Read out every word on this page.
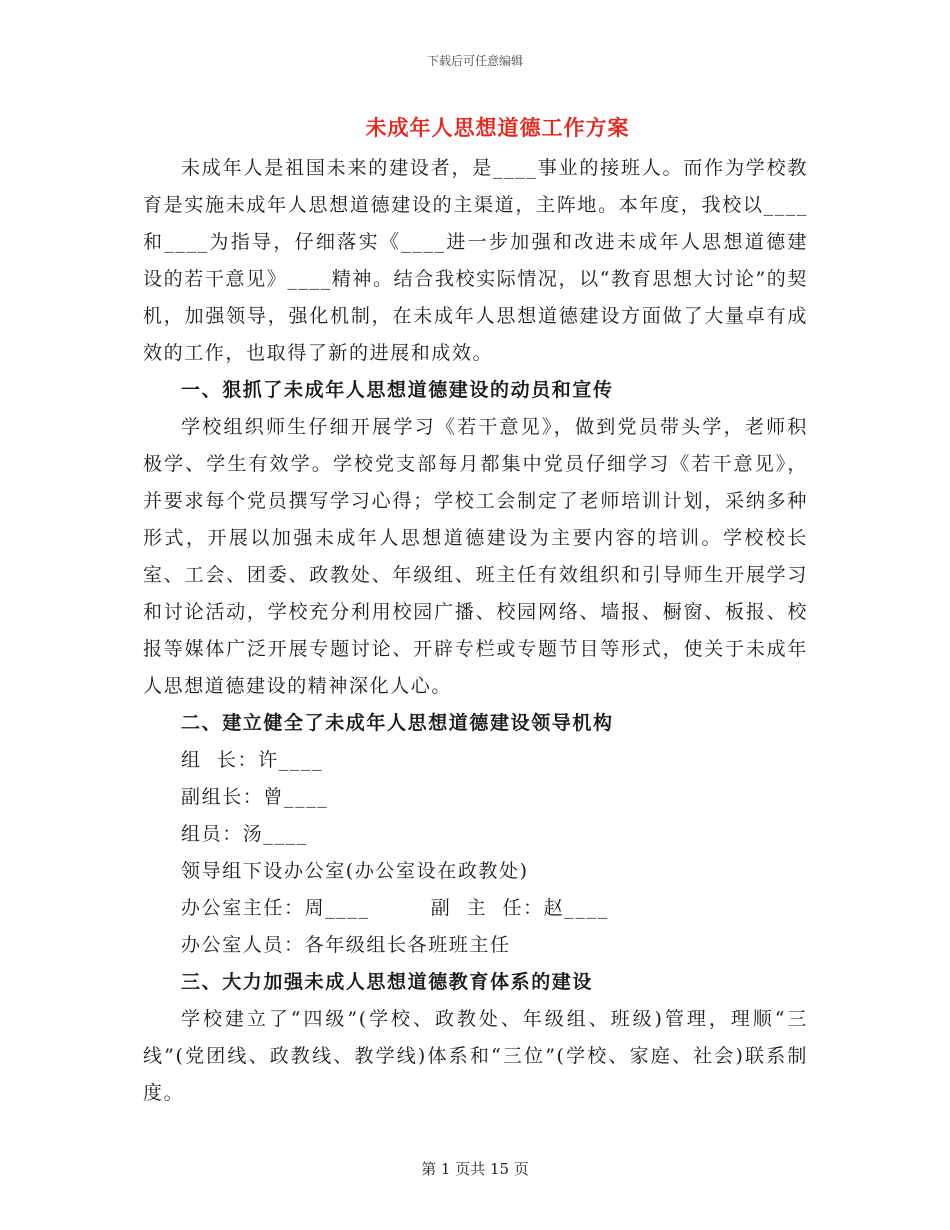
下载后可任意编辑
未成年人思想道德工作方案

未成年人是祖国未来的建设者，是____事业的接班人。而作为学校教育是实施未成年人思想道德建设的主渠道，主阵地。本年度，我校以____和____为指导，仔细落实《____进一步加强和改进未成年人思想道德建设的若干意见》____精神。结合我校实际情况，以“教育思想大讨论”的契机，加强领导，强化机制，在未成年人思想道德建设方面做了大量卓有成效的工作，也取得了新的进展和成效。

一、狠抓了未成年人思想道德建设的动员和宣传

学校组织师生仔细开展学习《若干意见》，做到党员带头学，老师积极学、学生有效学。学校党支部每月都集中党员仔细学习《若干意见》，并要求每个党员撰写学习心得；学校工会制定了老师培训计划，采纳多种形式，开展以加强未成年人思想道德建设为主要内容的培训。学校校长室、工会、团委、政教处、年级组、班主任有效组织和引导师生开展学习和讨论活动，学校充分利用校园广播、校园网络、墙报、橱窗、板报、校报等媒体广泛开展专题讨论、开辟专栏或专题节目等形式，使关于未成年人思想道德建设的精神深化人心。

二、建立健全了未成年人思想道德建设领导机构

组  长：许____

副组长：曾____

组员：汤____

领导组下设办公室(办公室设在政教处)

办公室主任：周____        副  主  任：赵____

办公室人员：各年级组长各班班主任

三、大力加强未成人思想道德教育体系的建设

学校建立了“四级”(学校、政教处、年级组、班级)管理，理顺“三线”(党团线、政教线、教学线)体系和“三位”(学校、家庭、社会)联系制度。

第 1 页共 15 页
